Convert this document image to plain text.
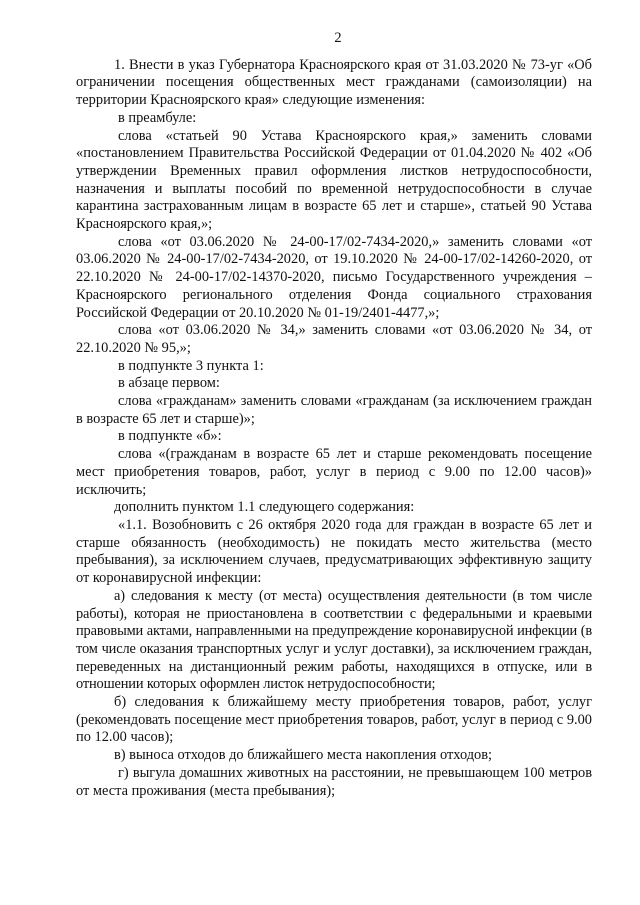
2

1. Внести в указ Губернатора Красноярского края от 31.03.2020 № 73-уг «Об ограничении посещения общественных мест гражданами (самоизоляции) на территории Красноярского края» следующие изменения:

в преамбуле:

слова «статьей 90 Устава Красноярского края,» заменить словами «постановлением Правительства Российской Федерации от 01.04.2020 № 402 «Об утверждении Временных правил оформления листков нетрудоспособности, назначения и выплаты пособий по временной нетрудоспособности в случае карантина застрахованным лицам в возрасте 65 лет и старше», статьей 90 Устава Красноярского края,»;

слова «от 03.06.2020 № 24-00-17/02-7434-2020,» заменить словами «от 03.06.2020 № 24-00-17/02-7434-2020, от 19.10.2020 № 24-00-17/02-14260-2020, от 22.10.2020 № 24-00-17/02-14370-2020, письмо Государственного учреждения – Красноярского регионального отделения Фонда социального страхования Российской Федерации от 20.10.2020 № 01-19/2401-4477,»;

слова «от 03.06.2020 № 34,» заменить словами «от 03.06.2020 № 34, от 22.10.2020 № 95,»;

в подпункте 3 пункта 1:

в абзаце первом:

слова «гражданам» заменить словами «гражданам (за исключением граждан в возрасте 65 лет и старше)»;

в подпункте «б»:

слова «(гражданам в возрасте 65 лет и старше рекомендовать посещение мест приобретения товаров, работ, услуг в период с 9.00 по 12.00 часов)» исключить;

дополнить пунктом 1.1 следующего содержания:

«1.1. Возобновить с 26 октября 2020 года для граждан в возрасте 65 лет и старше обязанность (необходимость) не покидать место жительства (место пребывания), за исключением случаев, предусматривающих эффективную защиту от коронавирусной инфекции:

а) следования к месту (от места) осуществления деятельности (в том числе работы), которая не приостановлена в соответствии с федеральными и краевыми правовыми актами, направленными на предупреждение коронавирусной инфекции (в том числе оказания транспортных услуг и услуг доставки), за исключением граждан, переведенных на дистанционный режим работы, находящихся в отпуске, или в отношении которых оформлен листок нетрудоспособности;

б) следования к ближайшему месту приобретения товаров, работ, услуг (рекомендовать посещение мест приобретения товаров, работ, услуг в период с 9.00 по 12.00 часов);

в) выноса отходов до ближайшего места накопления отходов;

г) выгула домашних животных на расстоянии, не превышающем 100 метров от места проживания (места пребывания);
